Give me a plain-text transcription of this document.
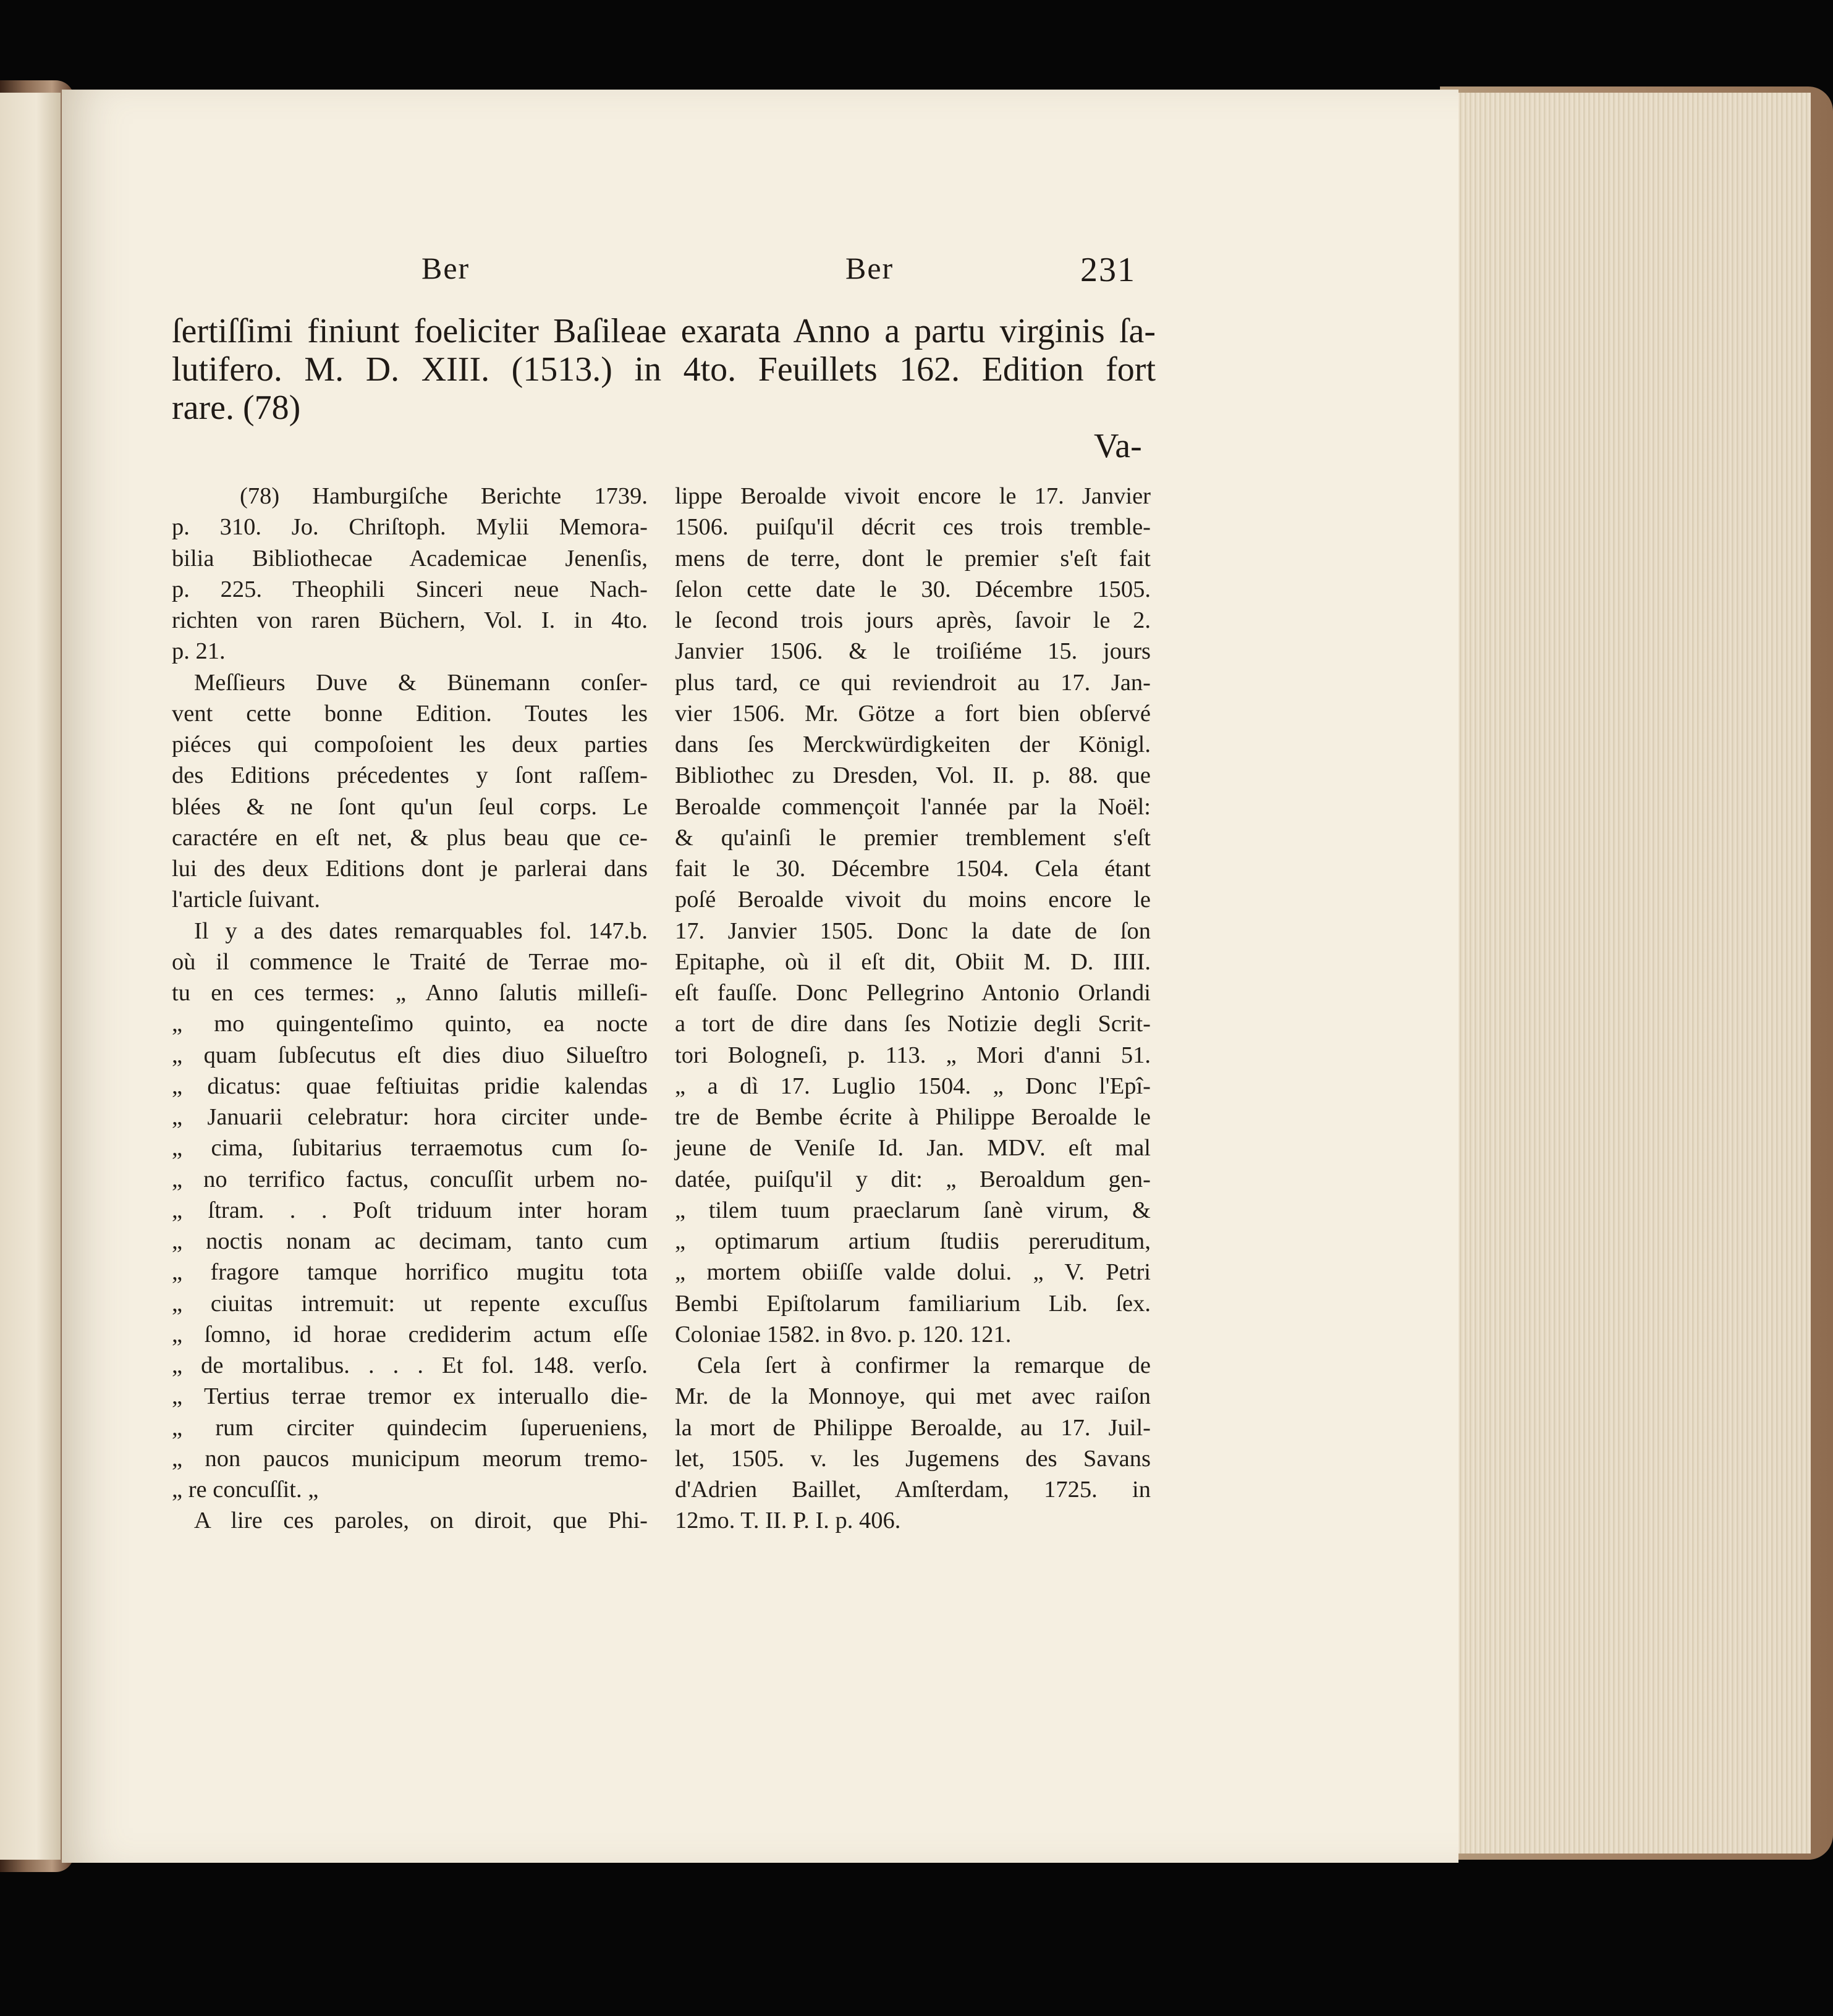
Ber	Ber	231
ſertiſſimi finiunt foeliciter Baſileae exarata Anno a partu virginis ſa-
lutifero. M. D. XIII. (1513.) in 4to. Feuillets 162. Edition fort
rare. (78)
Va-
(78) Hamburgiſche Berichte 1739.
p. 310. Jo. Chriſtoph. Mylii Memora-
bilia Bibliothecae Academicae Jenenſis,
p. 225. Theophili Sinceri neue Nach-
richten von raren Büchern, Vol. I. in 4to.
p. 21.
Meſſieurs Duve & Bünemann conſer-
vent cette bonne Edition. Toutes les
piéces qui compoſoient les deux parties
des Editions précedentes y ſont raſſem-
blées & ne ſont qu'un ſeul corps. Le
caractére en eſt net, & plus beau que ce-
lui des deux Editions dont je parlerai dans
l'article ſuivant.
Il y a des dates remarquables fol. 147.b.
où il commence le Traité de Terrae mo-
tu en ces termes: „ Anno ſalutis milleſi-
„ mo quingenteſimo quinto, ea nocte
„ quam ſubſecutus eſt dies diuo Silueſtro
„ dicatus: quae feſtiuitas pridie kalendas
„ Januarii celebratur: hora circiter unde-
„ cima, ſubitarius terraemotus cum ſo-
„ no terrifico factus, concuſſit urbem no-
„ ſtram. . . Poſt triduum inter horam
„ noctis nonam ac decimam, tanto cum
„ fragore tamque horrifico mugitu tota
„ ciuitas intremuit: ut repente excuſſus
„ ſomno, id horae crediderim actum eſſe
„ de mortalibus. . . . Et fol. 148. verſo.
„ Tertius terrae tremor ex interuallo die-
„ rum circiter quindecim ſuperueniens,
„ non paucos municipum meorum tremo-
„ re concuſſit. „
A lire ces paroles, on diroit, que Phi-
lippe Beroalde vivoit encore le 17. Janvier
1506. puiſqu'il décrit ces trois tremble-
mens de terre, dont le premier s'eſt fait
ſelon cette date le 30. Décembre 1505.
le ſecond trois jours après, ſavoir le 2.
Janvier 1506. & le troiſiéme 15. jours
plus tard, ce qui reviendroit au 17. Jan-
vier 1506. Mr. Götze a fort bien obſervé
dans ſes Merckwürdigkeiten der Königl.
Bibliothec zu Dresden, Vol. II. p. 88. que
Beroalde commençoit l'année par la Noël:
& qu'ainſi le premier tremblement s'eſt
fait le 30. Décembre 1504. Cela étant
poſé Beroalde vivoit du moins encore le
17. Janvier 1505. Donc la date de ſon
Epitaphe, où il eſt dit, Obiit M. D. IIII.
eſt fauſſe. Donc Pellegrino Antonio Orlandi
a tort de dire dans ſes Notizie degli Scrit-
tori Bologneſi, p. 113. „ Mori d'anni 51.
„ a dì 17. Luglio 1504. „ Donc l'Epî-
tre de Bembe écrite à Philippe Beroalde le
jeune de Veniſe Id. Jan. MDV. eſt mal
datée, puiſqu'il y dit: „ Beroaldum gen-
„ tilem tuum praeclarum ſanè virum, &
„ optimarum artium ſtudiis pereruditum,
„ mortem obiiſſe valde dolui. „ V. Petri
Bembi Epiſtolarum familiarium Lib. ſex.
Coloniae 1582. in 8vo. p. 120. 121.
Cela ſert à confirmer la remarque de
Mr. de la Monnoye, qui met avec raiſon
la mort de Philippe Beroalde, au 17. Juil-
let, 1505. v. les Jugemens des Savans
d'Adrien Baillet, Amſterdam, 1725. in
12mo. T. II. P. I. p. 406.
